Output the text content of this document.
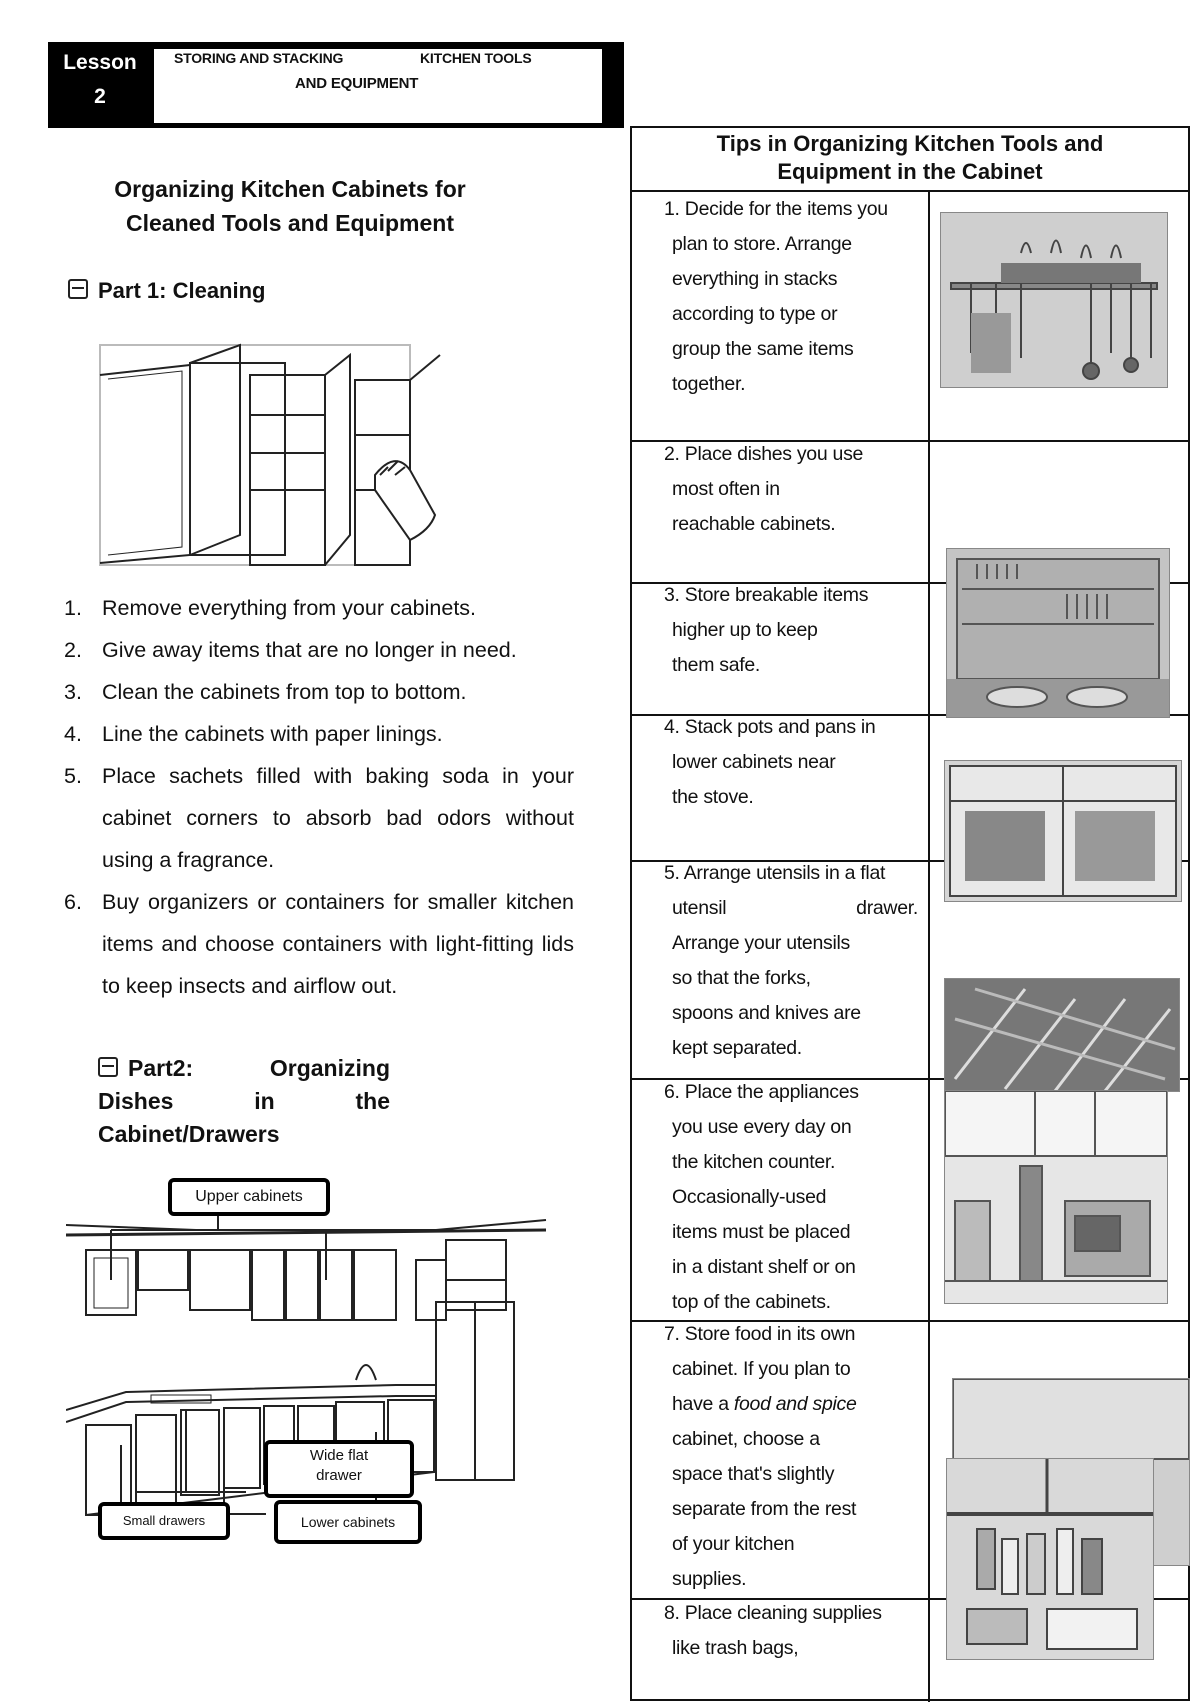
Lesson
2
STORING AND STACKING	KITCHEN TOOLS
AND EQUIPMENT
Organizing Kitchen Cabinets for
Cleaned Tools and Equipment
Part 1: Cleaning
1. Remove everything from your cabinets.
2. Give away items that are no longer in need.
3. Clean the cabinets from top to bottom.
4. Line the cabinets with paper linings.
5. Place sachets filled with baking soda in your cabinet corners to absorb bad odors without using a fragrance.
6. Buy organizers or containers for smaller kitchen items and choose containers with light-fitting lids to keep insects and airflow out.
Part2: Organizing
Dishes in the
Cabinet/Drawers
Upper cabinets
Wide flat
drawer
Small drawers	Lower cabinets
Tips in Organizing Kitchen Tools and
Equipment in the Cabinet
1. Decide for the items you
plan to store. Arrange
everything in stacks
according to type or
group the same items
together.
2. Place dishes you use
most often in
reachable cabinets.
3. Store breakable items
higher up to keep
them safe.
4. Stack pots and pans in
lower cabinets near
the stove.
5. Arrange utensils in a flat
utensil drawer.
Arrange your utensils
so that the forks,
spoons and knives are
kept separated.
6. Place the appliances
you use every day on
the kitchen counter.
Occasionally-used
items must be placed
in a distant shelf or on
top of the cabinets.
7. Store food in its own
cabinet. If you plan to
have a food and spice
cabinet, choose a
space that's slightly
separate from the rest
of your kitchen
supplies.
8. Place cleaning supplies
like trash bags,
